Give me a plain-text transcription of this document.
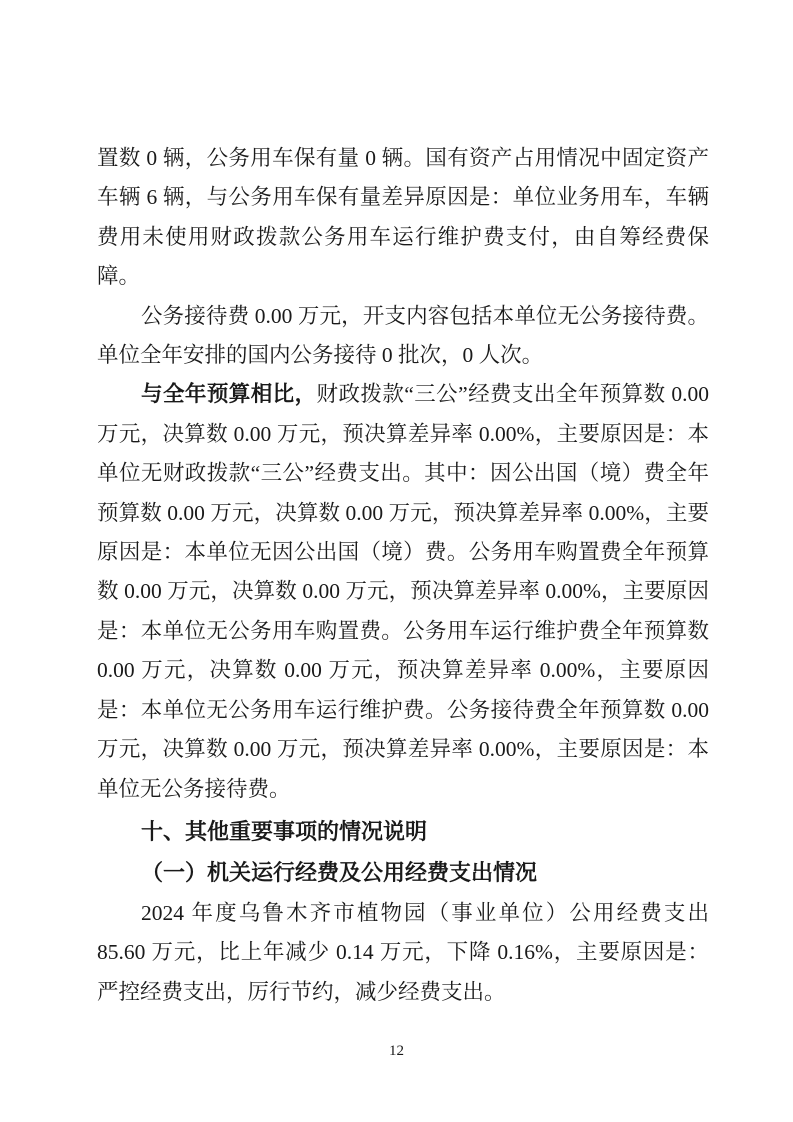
置数 0 辆，公务用车保有量 0 辆。国有资产占用情况中固定资产车辆 6 辆，与公务用车保有量差异原因是：单位业务用车，车辆费用未使用财政拨款公务用车运行维护费支付，由自筹经费保障。

公务接待费 0.00 万元，开支内容包括本单位无公务接待费。单位全年安排的国内公务接待 0 批次，0 人次。

与全年预算相比，财政拨款“三公”经费支出全年预算数 0.00 万元，决算数 0.00 万元，预决算差异率 0.00%，主要原因是：本单位无财政拨款“三公”经费支出。其中：因公出国（境）费全年预算数 0.00 万元，决算数 0.00 万元，预决算差异率 0.00%，主要原因是：本单位无因公出国（境）费。公务用车购置费全年预算数 0.00 万元，决算数 0.00 万元，预决算差异率 0.00%，主要原因是：本单位无公务用车购置费。公务用车运行维护费全年预算数 0.00 万元，决算数 0.00 万元，预决算差异率 0.00%，主要原因是：本单位无公务用车运行维护费。公务接待费全年预算数 0.00 万元，决算数 0.00 万元，预决算差异率 0.00%，主要原因是：本单位无公务接待费。

十、其他重要事项的情况说明
（一）机关运行经费及公用经费支出情况

2024 年度乌鲁木齐市植物园（事业单位）公用经费支出 85.60 万元，比上年减少 0.14 万元，下降 0.16%，主要原因是：严控经费支出，厉行节约，减少经费支出。

12
